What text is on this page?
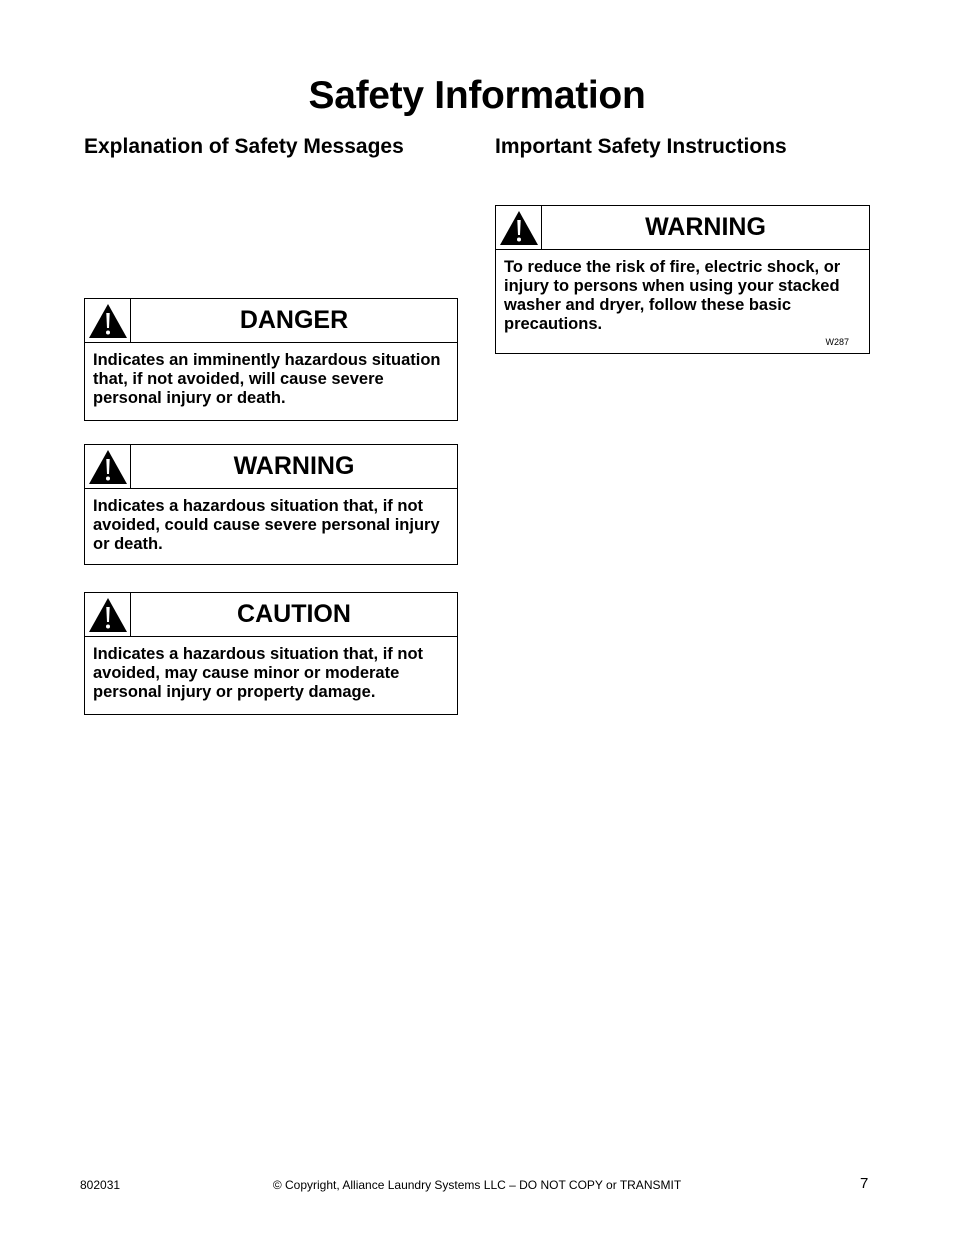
Safety Information
Explanation of Safety Messages	Important Safety Instructions
DANGER
Indicates an imminently hazardous situation that, if not avoided, will cause severe personal injury or death.
WARNING
Indicates a hazardous situation that, if not avoided, could cause severe personal injury or death.
CAUTION
Indicates a hazardous situation that, if not avoided, may cause minor or moderate personal injury or property damage.
WARNING
To reduce the risk of fire, electric shock, or injury to persons when using your stacked washer and dryer, follow these basic precautions.
W287
802031	© Copyright, Alliance Laundry Systems LLC – DO NOT COPY or TRANSMIT	7
